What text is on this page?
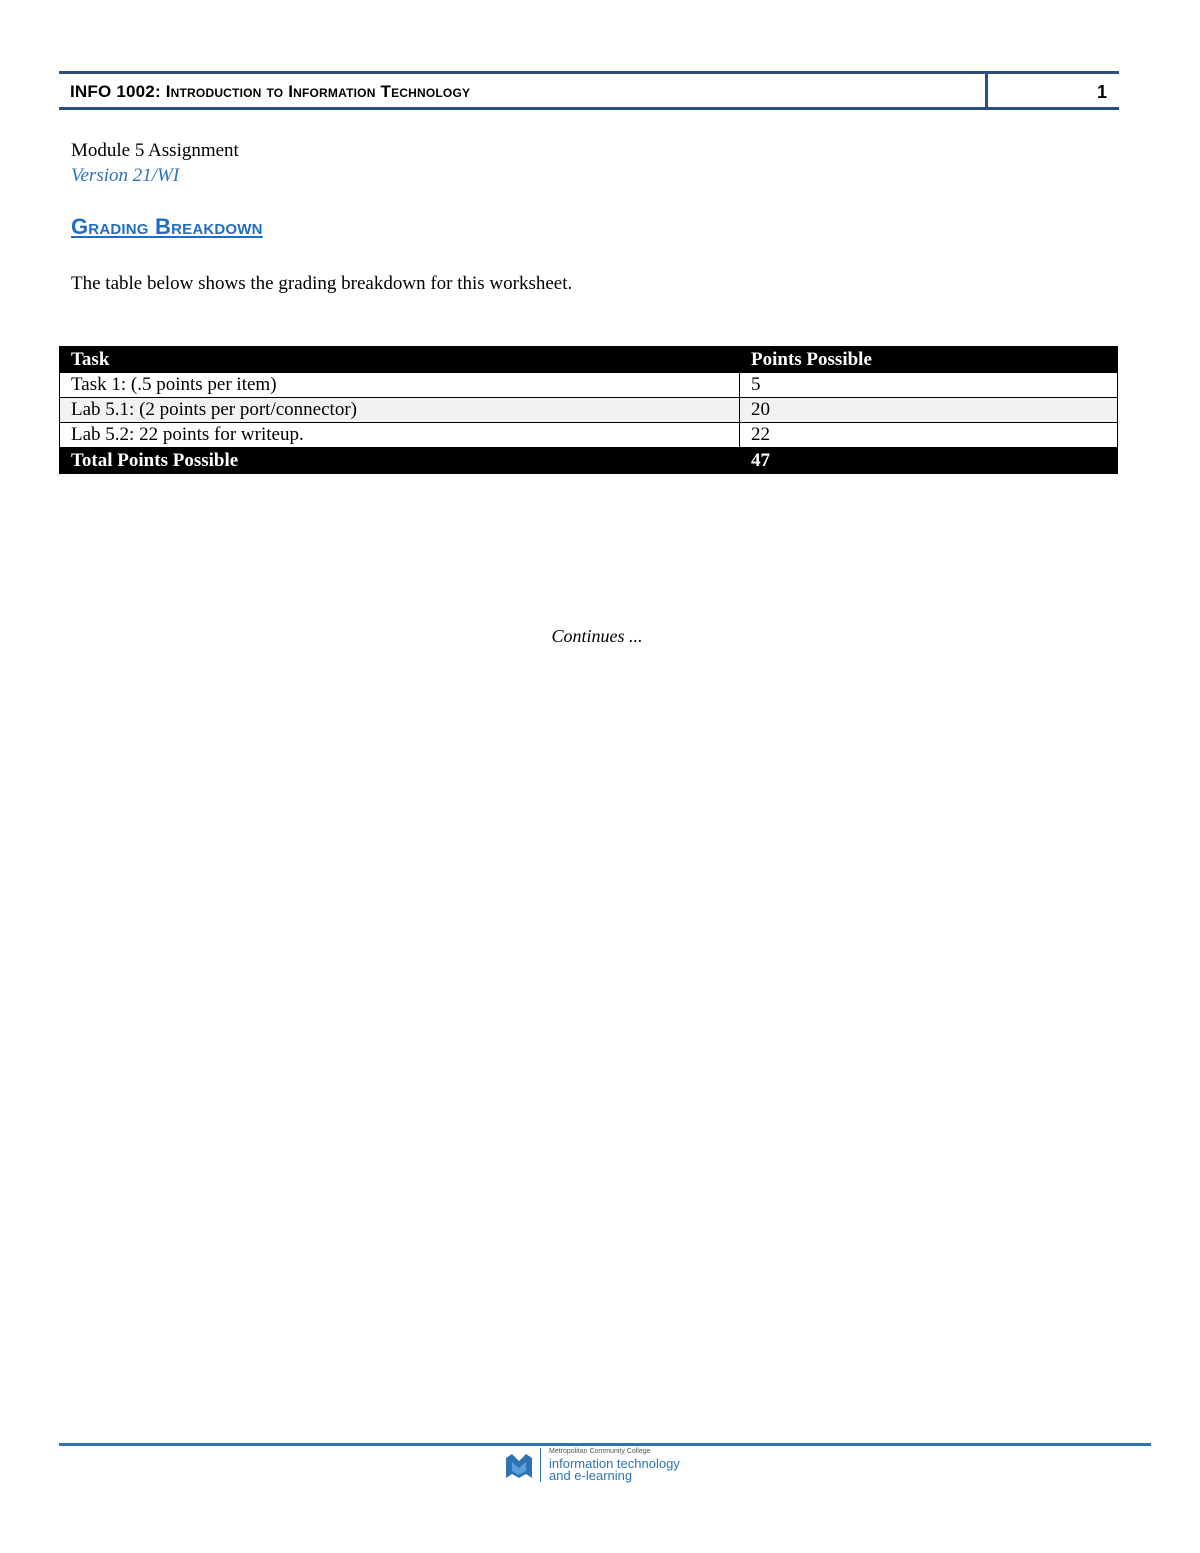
INFO 1002: Introduction to Information Technology	1
Module 5 Assignment
Version 21/WI
Grading Breakdown
The table below shows the grading breakdown for this worksheet.
Task	Points Possible
Task 1: (.5 points per item)	5
Lab 5.1: (2 points per port/connector)	20
Lab 5.2: 22 points for writeup.	22
Total Points Possible	47
Continues ...
Metropolitan Community College
information technology
and e-learning
